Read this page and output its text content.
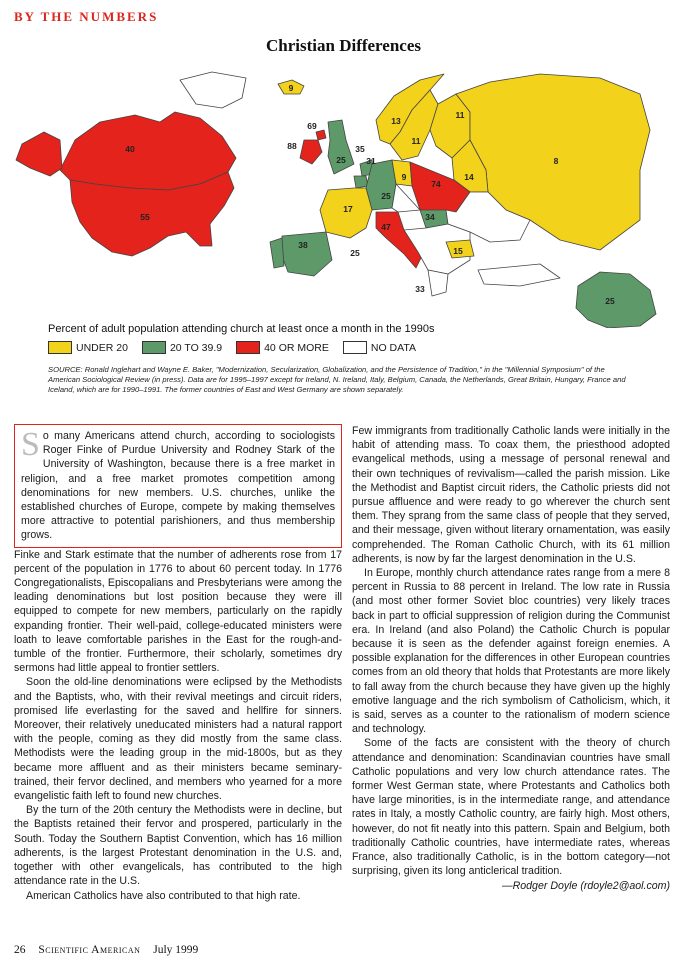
BY THE NUMBERS
Christian Differences
40
55
9
69
88
25
35
31
17
38
25
47
25
9
13
11
11
14
74
8
34
15
33
25
Percent of adult population attending church at least once a month in the 1990s
UNDER 20	20 TO 39.9	40 OR MORE	NO DATA
SOURCE: Ronald Inglehart and Wayne E. Baker, "Modernization, Secularization, Globalization, and the Persistence of Tradition," in the "Millennial Symposium" of the American Sociological Review (in press). Data are for 1995–1997 except for Ireland, N. Ireland, Italy, Belgium, Canada, the Netherlands, Great Britain, Hungary, France and Iceland, which are for 1990–1991. The former countries of East and West Germany are shown separately.

So many Americans attend church, according to sociologists Roger Finke of Purdue University and Rodney Stark of the University of Washington, because there is a free market in religion, and a free market promotes competition among denominations for new members. U.S. churches, unlike the established churches of Europe, compete by making themselves more attractive to potential parishioners, and thus membership grows.

Finke and Stark estimate that the number of adherents rose from 17 percent of the population in 1776 to about 60 percent today. In 1776 Congregationalists, Episcopalians and Presbyterians were among the leading denominations but lost position because they were ill equipped to compete for new members, particularly on the rapidly expanding frontier. Their well-paid, college-educated ministers were loath to leave comfortable parishes in the East for the rough-and-tumble of the frontier. Furthermore, their scholarly, sometimes dry sermons had little appeal to frontier settlers.

Soon the old-line denominations were eclipsed by the Methodists and the Baptists, who, with their revival meetings and circuit riders, promised life everlasting for the saved and hellfire for sinners. Moreover, their relatively uneducated ministers had a natural rapport with the people, coming as they did mostly from the same class. Methodists were the leading group in the mid-1800s, but as they became more affluent and as their ministers became seminary-trained, their fervor declined, and members who yearned for a more evangelistic faith left to found new churches.

By the turn of the 20th century the Methodists were in decline, but the Baptists retained their fervor and prospered, particularly in the South. Today the Southern Baptist Convention, which has 16 million adherents, is the largest Protestant denomination in the U.S. and, together with other evangelicals, has contributed to the high attendance rate in the U.S.

American Catholics have also contributed to that high rate.

Few immigrants from traditionally Catholic lands were initially in the habit of attending mass. To coax them, the priesthood adopted evangelical methods, using a message of personal renewal and their own techniques of revivalism—called the parish mission. Like the Methodist and Baptist circuit riders, the Catholic priests did not pursue affluence and were ready to go wherever the church sent them. They sprang from the same class of people that they served, and their message, given without literary ornamentation, was easily comprehended. The Roman Catholic Church, with its 61 million adherents, is now by far the largest denomination in the U.S.

In Europe, monthly church attendance rates range from a mere 8 percent in Russia to 88 percent in Ireland. The low rate in Russia (and most other former Soviet bloc countries) very likely traces back in part to official suppression of religion during the Communist era. In Ireland (and also Poland) the Catholic Church is popular because it is seen as the defender against foreign enemies. A possible explanation for the differences in other European countries comes from an old theory that holds that Protestants are more likely to fall away from the church because they have given up the highly emotive language and the rich symbolism of Catholicism, which, it is said, serves as a counter to the rationalism of modern science and technology.

Some of the facts are consistent with the theory of church attendance and denomination: Scandinavian countries have small Catholic populations and very low church attendance rates. The former West German state, where Protestants and Catholics both have large minorities, is in the intermediate range, and attendance rates in Italy, a mostly Catholic country, are fairly high. Most others, however, do not fit neatly into this pattern. Spain and Belgium, both traditionally Catholic countries, have intermediate rates, whereas France, also traditionally Catholic, is in the bottom category—not surprising, given its long anticlerical tradition.
—Rodger Doyle (rdoyle2@aol.com)

26 Scientific American July 1999
